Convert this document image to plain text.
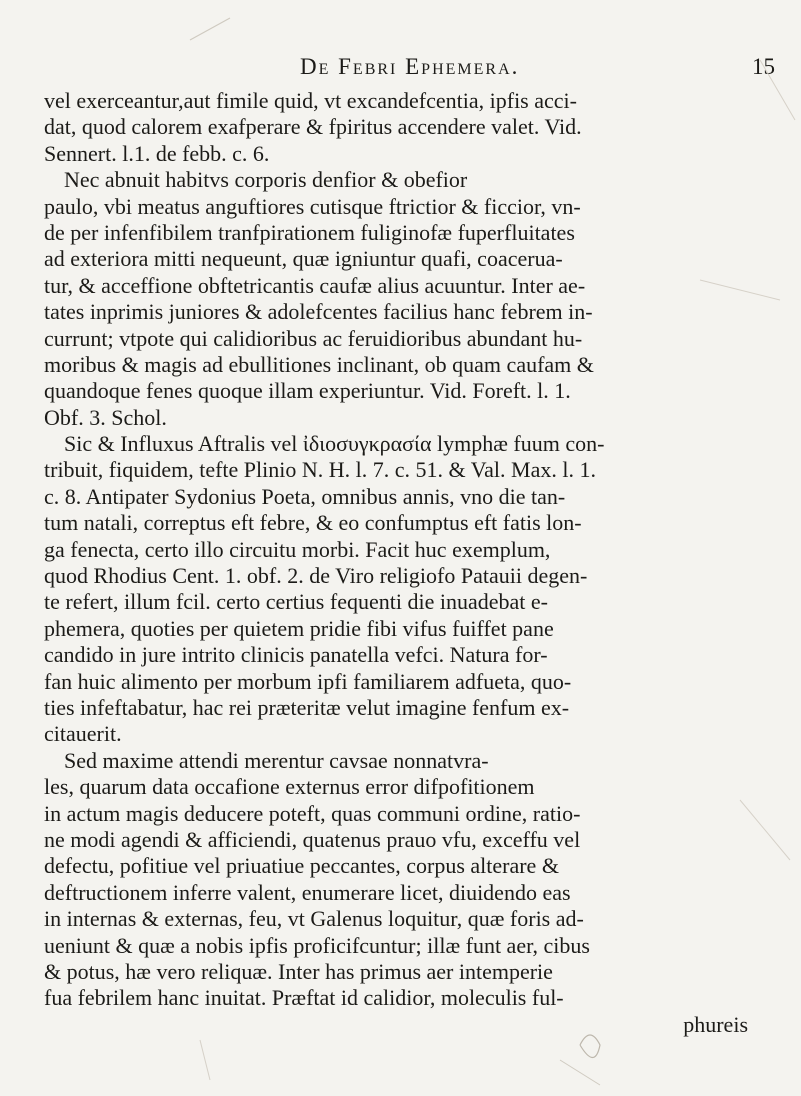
De Febri Ephemera.	15
vel exerceantur,aut fimile quid, vt excandefcentia, ipfis acci-
dat, quod calorem exafperare & fpiritus accendere valet. Vid.
Sennert. l.1. de febb. c. 6.
Nec abnuit habitvs corporis denfior & obefior
paulo, vbi meatus anguftiores cutisque ftrictior & ficcior, vn-
de per infenfibilem tranfpirationem fuliginofæ fuperfluitates
ad exteriora mitti nequeunt, quæ igniuntur quafi, coacerua-
tur, & acceffione obftetricantis caufæ alius acuuntur. Inter ae-
tates inprimis juniores & adolefcentes facilius hanc febrem in-
currunt; vtpote qui calidioribus ac feruidioribus abundant hu-
moribus & magis ad ebullitiones inclinant, ob quam caufam &
quandoque fenes quoque illam experiuntur. Vid. Foreft. l. 1.
Obf. 3. Schol.
Sic & Influxus Aftralis vel ἰδιοσυγκρασία lymphæ fuum con-
tribuit, fiquidem, tefte Plinio N. H. l. 7. c. 51. & Val. Max. l. 1.
c. 8. Antipater Sydonius Poeta, omnibus annis, vno die tan-
tum natali, correptus eft febre, & eo confumptus eft fatis lon-
ga fenecta, certo illo circuitu morbi. Facit huc exemplum,
quod Rhodius Cent. 1. obf. 2. de Viro religiofo Patauii degen-
te refert, illum fcil. certo certius fequenti die inuadebat e-
phemera, quoties per quietem pridie fibi vifus fuiffet pane
candido in jure intrito clinicis panatella vefci. Natura for-
fan huic alimento per morbum ipfi familiarem adfueta, quo-
ties infeftabatur, hac rei præteritæ velut imagine fenfum ex-
citauerit.
Sed maxime attendi merentur cavsae nonnatvra-
les, quarum data occafione externus error difpofitionem
in actum magis deducere poteft, quas communi ordine, ratio-
ne modi agendi & afficiendi, quatenus prauo vfu, exceffu vel
defectu, pofitiue vel priuatiue peccantes, corpus alterare &
deftructionem inferre valent, enumerare licet, diuidendo eas
in internas & externas, feu, vt Galenus loquitur, quæ foris ad-
ueniunt & quæ a nobis ipfis proficifcuntur; illæ funt aer, cibus
& potus, hæ vero reliquæ. Inter has primus aer intemperie
fua febrilem hanc inuitat. Præftat id calidior, moleculis ful-
phureis
